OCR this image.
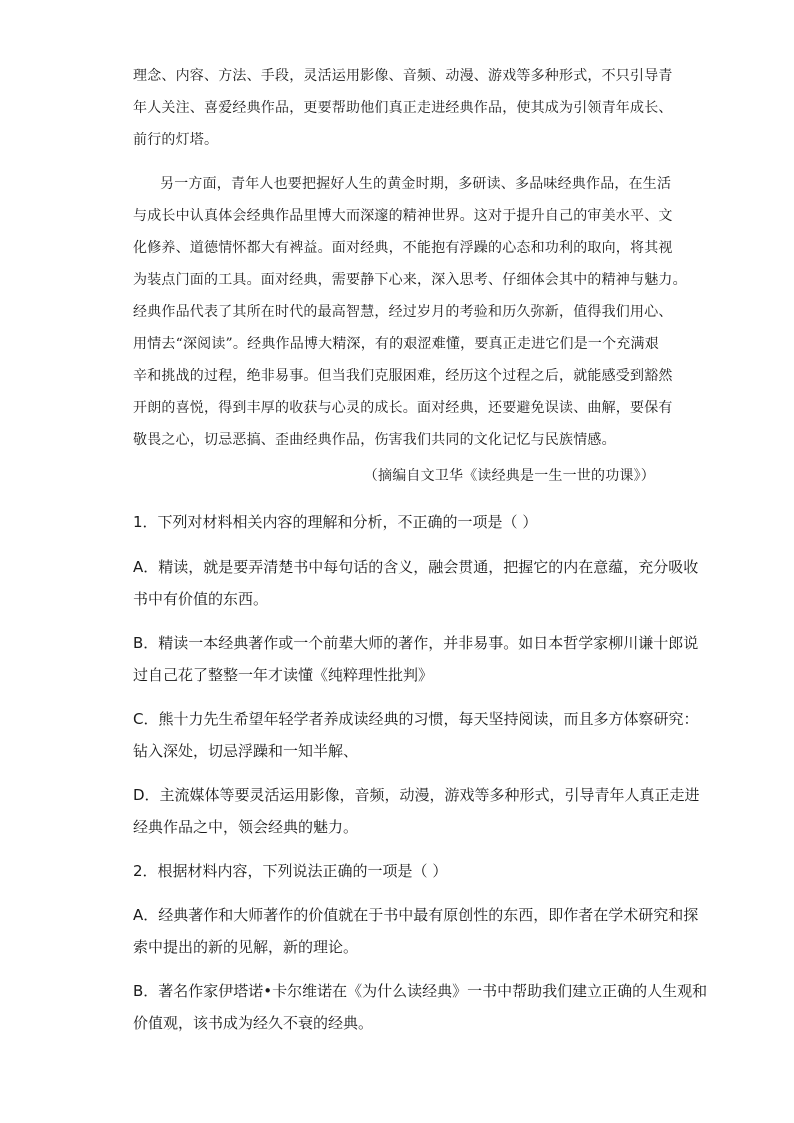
理念、内容、方法、手段，灵活运用影像、音频、动漫、游戏等多种形式，不只引导青
年人关注、喜爱经典作品，更要帮助他们真正走进经典作品，使其成为引领青年成长、
前行的灯塔。
另一方面，青年人也要把握好人生的黄金时期，多研读、多品味经典作品，在生活
与成长中认真体会经典作品里博大而深邃的精神世界。这对于提升自己的审美水平、文
化修养、道德情怀都大有裨益。面对经典，不能抱有浮躁的心态和功利的取向，将其视
为装点门面的工具。面对经典，需要静下心来，深入思考、仔细体会其中的精神与魅力。
经典作品代表了其所在时代的最高智慧，经过岁月的考验和历久弥新，值得我们用心、
用情去“深阅读”。经典作品博大精深，有的艰涩难懂，要真正走进它们是一个充满艰
辛和挑战的过程，绝非易事。但当我们克服困难，经历这个过程之后，就能感受到豁然
开朗的喜悦，得到丰厚的收获与心灵的成长。面对经典，还要避免误读、曲解，要保有
敬畏之心，切忌恶搞、歪曲经典作品，伤害我们共同的文化记忆与民族情感。
（摘编自文卫华《读经典是一生一世的功课》）
1．下列对材料相关内容的理解和分析，不正确的一项是（ ）
A．精读，就是要弄清楚书中每句话的含义，融会贯通，把握它的内在意蕴，充分吸收
书中有价值的东西。
B．精读一本经典著作或一个前辈大师的著作，并非易事。如日本哲学家柳川谦十郎说
过自己花了整整一年才读懂《纯粹理性批判》
C．熊十力先生希望年轻学者养成读经典的习惯，每天坚持阅读，而且多方体察研究：
钻入深处，切忌浮躁和一知半解、
D．主流媒体等要灵活运用影像，音频，动漫，游戏等多种形式，引导青年人真正走进
经典作品之中，领会经典的魅力。
2．根据材料内容，下列说法正确的一项是（ ）
A．经典著作和大师著作的价值就在于书中最有原创性的东西，即作者在学术研究和探
索中提出的新的见解，新的理论。
B．著名作家伊塔诺•卡尔维诺在《为什么读经典》一书中帮助我们建立正确的人生观和
价值观，该书成为经久不衰的经典。
